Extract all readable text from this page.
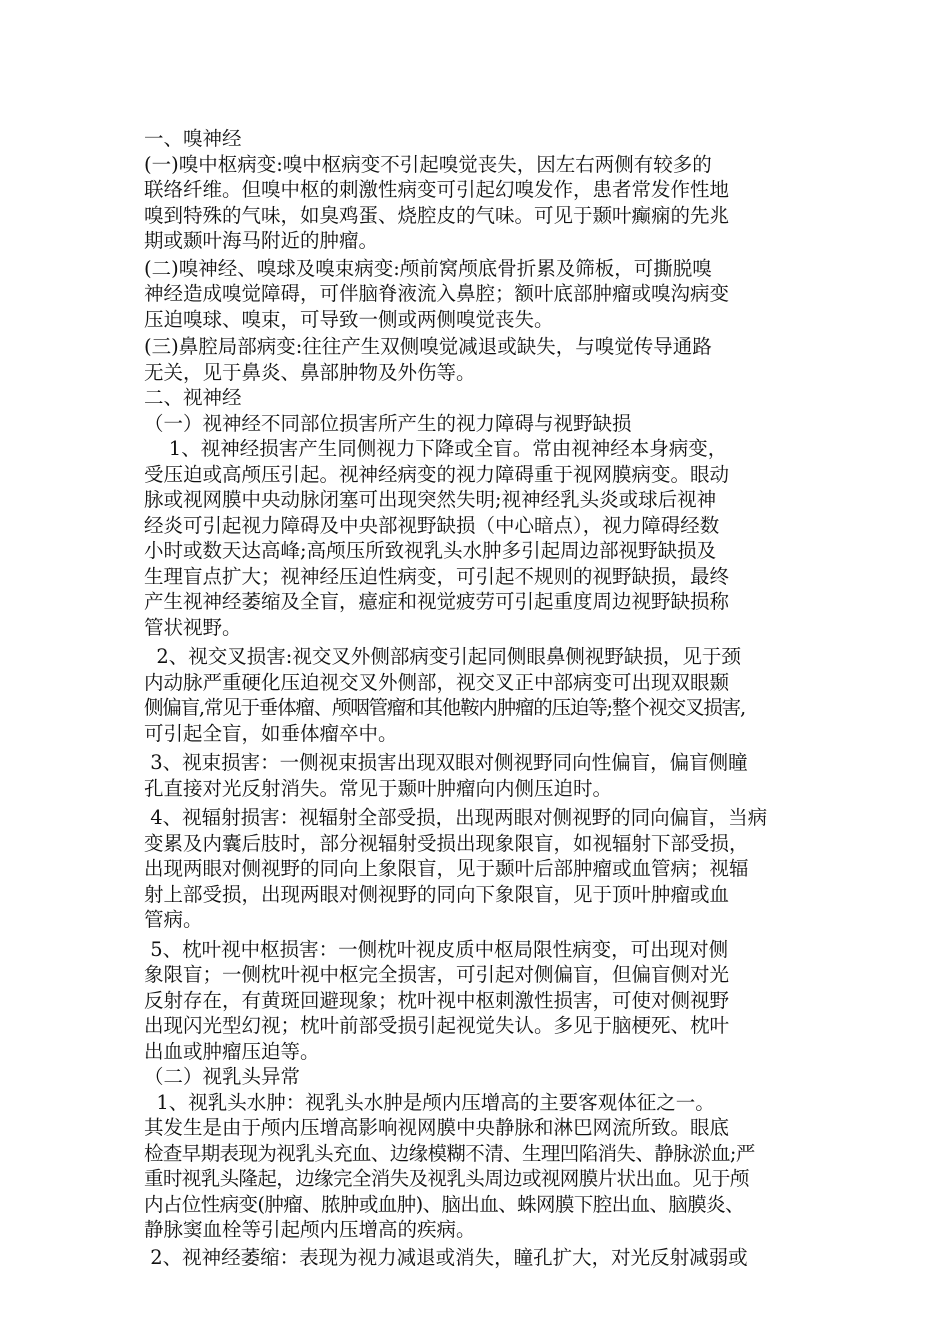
一、嗅神经
(一)嗅中枢病变:嗅中枢病变不引起嗅觉丧失，因左右两侧有较多的
联络纤维。但嗅中枢的刺激性病变可引起幻嗅发作，患者常发作性地
嗅到特殊的气味，如臭鸡蛋、烧腔皮的气味。可见于颞叶癫痫的先兆
期或颞叶海马附近的肿瘤。
(二)嗅神经、嗅球及嗅束病变:颅前窝颅底骨折累及筛板，可撕脱嗅
神经造成嗅觉障碍，可伴脑脊液流入鼻腔；额叶底部肿瘤或嗅沟病变
压迫嗅球、嗅束，可导致一侧或两侧嗅觉丧失。
(三)鼻腔局部病变:往往产生双侧嗅觉减退或缺失，与嗅觉传导通路
无关，见于鼻炎、鼻部肿物及外伤等。
二、视神经
（一）视神经不同部位损害所产生的视力障碍与视野缺损
1、视神经损害产生同侧视力下降或全盲。常由视神经本身病变，
受压迫或高颅压引起。视神经病变的视力障碍重于视网膜病变。眼动
脉或视网膜中央动脉闭塞可出现突然失明;视神经乳头炎或球后视神
经炎可引起视力障碍及中央部视野缺损（中心暗点），视力障碍经数
小时或数天达高峰;高颅压所致视乳头水肿多引起周边部视野缺损及
生理盲点扩大；视神经压迫性病变，可引起不规则的视野缺损，最终
产生视神经萎缩及全盲，癔症和视觉疲劳可引起重度周边视野缺损称
管状视野。
2、视交叉损害:视交叉外侧部病变引起同侧眼鼻侧视野缺损，见于颈
内动脉严重硬化压迫视交叉外侧部，视交叉正中部病变可出现双眼颞
侧偏盲,常见于垂体瘤、颅咽管瘤和其他鞍内肿瘤的压迫等;整个视交叉损害,
可引起全盲，如垂体瘤卒中。
3、视束损害：一侧视束损害出现双眼对侧视野同向性偏盲，偏盲侧瞳
孔直接对光反射消失。常见于颞叶肿瘤向内侧压迫时。
4、视辐射损害：视辐射全部受损，出现两眼对侧视野的同向偏盲，当病
变累及内囊后肢时，部分视辐射受损出现象限盲，如视辐射下部受损，
出现两眼对侧视野的同向上象限盲，见于颞叶后部肿瘤或血管病；视辐
射上部受损，出现两眼对侧视野的同向下象限盲，见于顶叶肿瘤或血
管病。
5、枕叶视中枢损害：一侧枕叶视皮质中枢局限性病变，可出现对侧
象限盲；一侧枕叶视中枢完全损害，可引起对侧偏盲，但偏盲侧对光
反射存在，有黄斑回避现象；枕叶视中枢刺激性损害，可使对侧视野
出现闪光型幻视；枕叶前部受损引起视觉失认。多见于脑梗死、枕叶
出血或肿瘤压迫等。
（二）视乳头异常
1、视乳头水肿：视乳头水肿是颅内压增高的主要客观体征之一。
其发生是由于颅内压增高影响视网膜中央静脉和淋巴网流所致。眼底
检查早期表现为视乳头充血、边缘模糊不清、生理凹陷消失、静脉淤血;严
重时视乳头隆起，边缘完全消失及视乳头周边或视网膜片状出血。见于颅
内占位性病变(肿瘤、脓肿或血肿)、脑出血、蛛网膜下腔出血、脑膜炎、
静脉窦血栓等引起颅内压增高的疾病。
2、视神经萎缩：表现为视力减退或消失，瞳孔扩大，对光反射减弱或
